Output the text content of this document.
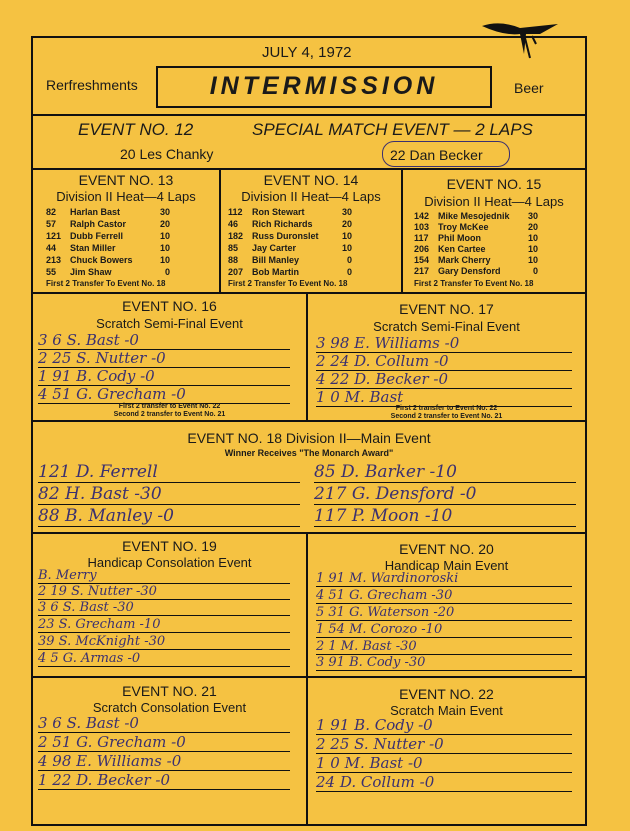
JULY 4, 1972
Rerfreshments	INTERMISSION	Beer
EVENT NO. 12	SPECIAL MATCH EVENT — 2 LAPS
20 Les Chanky	22 Dan Becker
EVENT NO. 13
Division II Heat—4 Laps
82 Harlan Bast	30
57 Ralph Castor	20
121 Dubb Ferrell	10
44 Stan Miller	10
213 Chuck Bowers	10
55 Jim Shaw	0
First 2 Transfer To Event No. 18
EVENT NO. 14
Division II Heat—4 Laps
112 Ron Stewart	30
46 Rich Richards	20
182 Russ Duronslet	10
85 Jay Carter	10
88 Bill Manley	0
207 Bob Martin	0
First 2 Transfer To Event No. 18
EVENT NO. 15
Division II Heat—4 Laps
142 Mike Mesojednik 30
103 Troy McKee	20
117 Phil Moon	10
206 Ken Cartee	10
154 Mark Cherry	10
217 Gary Densford	0
First 2 Transfer To Event No. 18
EVENT NO. 16
Scratch Semi-Final Event
3 6 S. Bast -0
2 25 S. Nutter -0
1 91 B. Cody -0
4 51 G. Grecham -0
First 2 transfer to Event No. 22
Second 2 transfer to Event No. 21
EVENT NO. 17
Scratch Semi-Final Event
3 98 E. Williams -0
2 24 D. Collum -0
4 22 D. Becker -0
1 0 M. Bast
First 2 transfer to Event No. 22
Second 2 transfer to Event No. 21
EVENT NO. 18 Division II—Main Event
Winner Receives "The Monarch Award"
121 D. Ferrell
82 H. Bast -30
88 B. Manley -0
85 D. Barker -10
217 G. Densford -0
117 P. Moon -10
EVENT NO. 19
Handicap Consolation Event
B. Merry
2 19 S. Nutter -30
3 6 S. Bast -30
23 S. Grecham -10
39 S. McKnight -30
4 5 G. Armas -0
EVENT NO. 20
Handicap Main Event
1 91 M. Wardinoroski
4 51 G. Grecham -30
5 31 G. Waterson -20
1 54 M. Corozo -10
2 1 M. Bast -30
3 91 B. Cody -30
EVENT NO. 21
Scratch Consolation Event
3 6 S. Bast -0
2 51 G. Grecham -0
4 98 E. Williams -0
1 22 D. Becker -0
EVENT NO. 22
Scratch Main Event
1 91 B. Cody -0
2 25 S. Nutter -0
1 0 M. Bast -0
24 D. Collum -0
